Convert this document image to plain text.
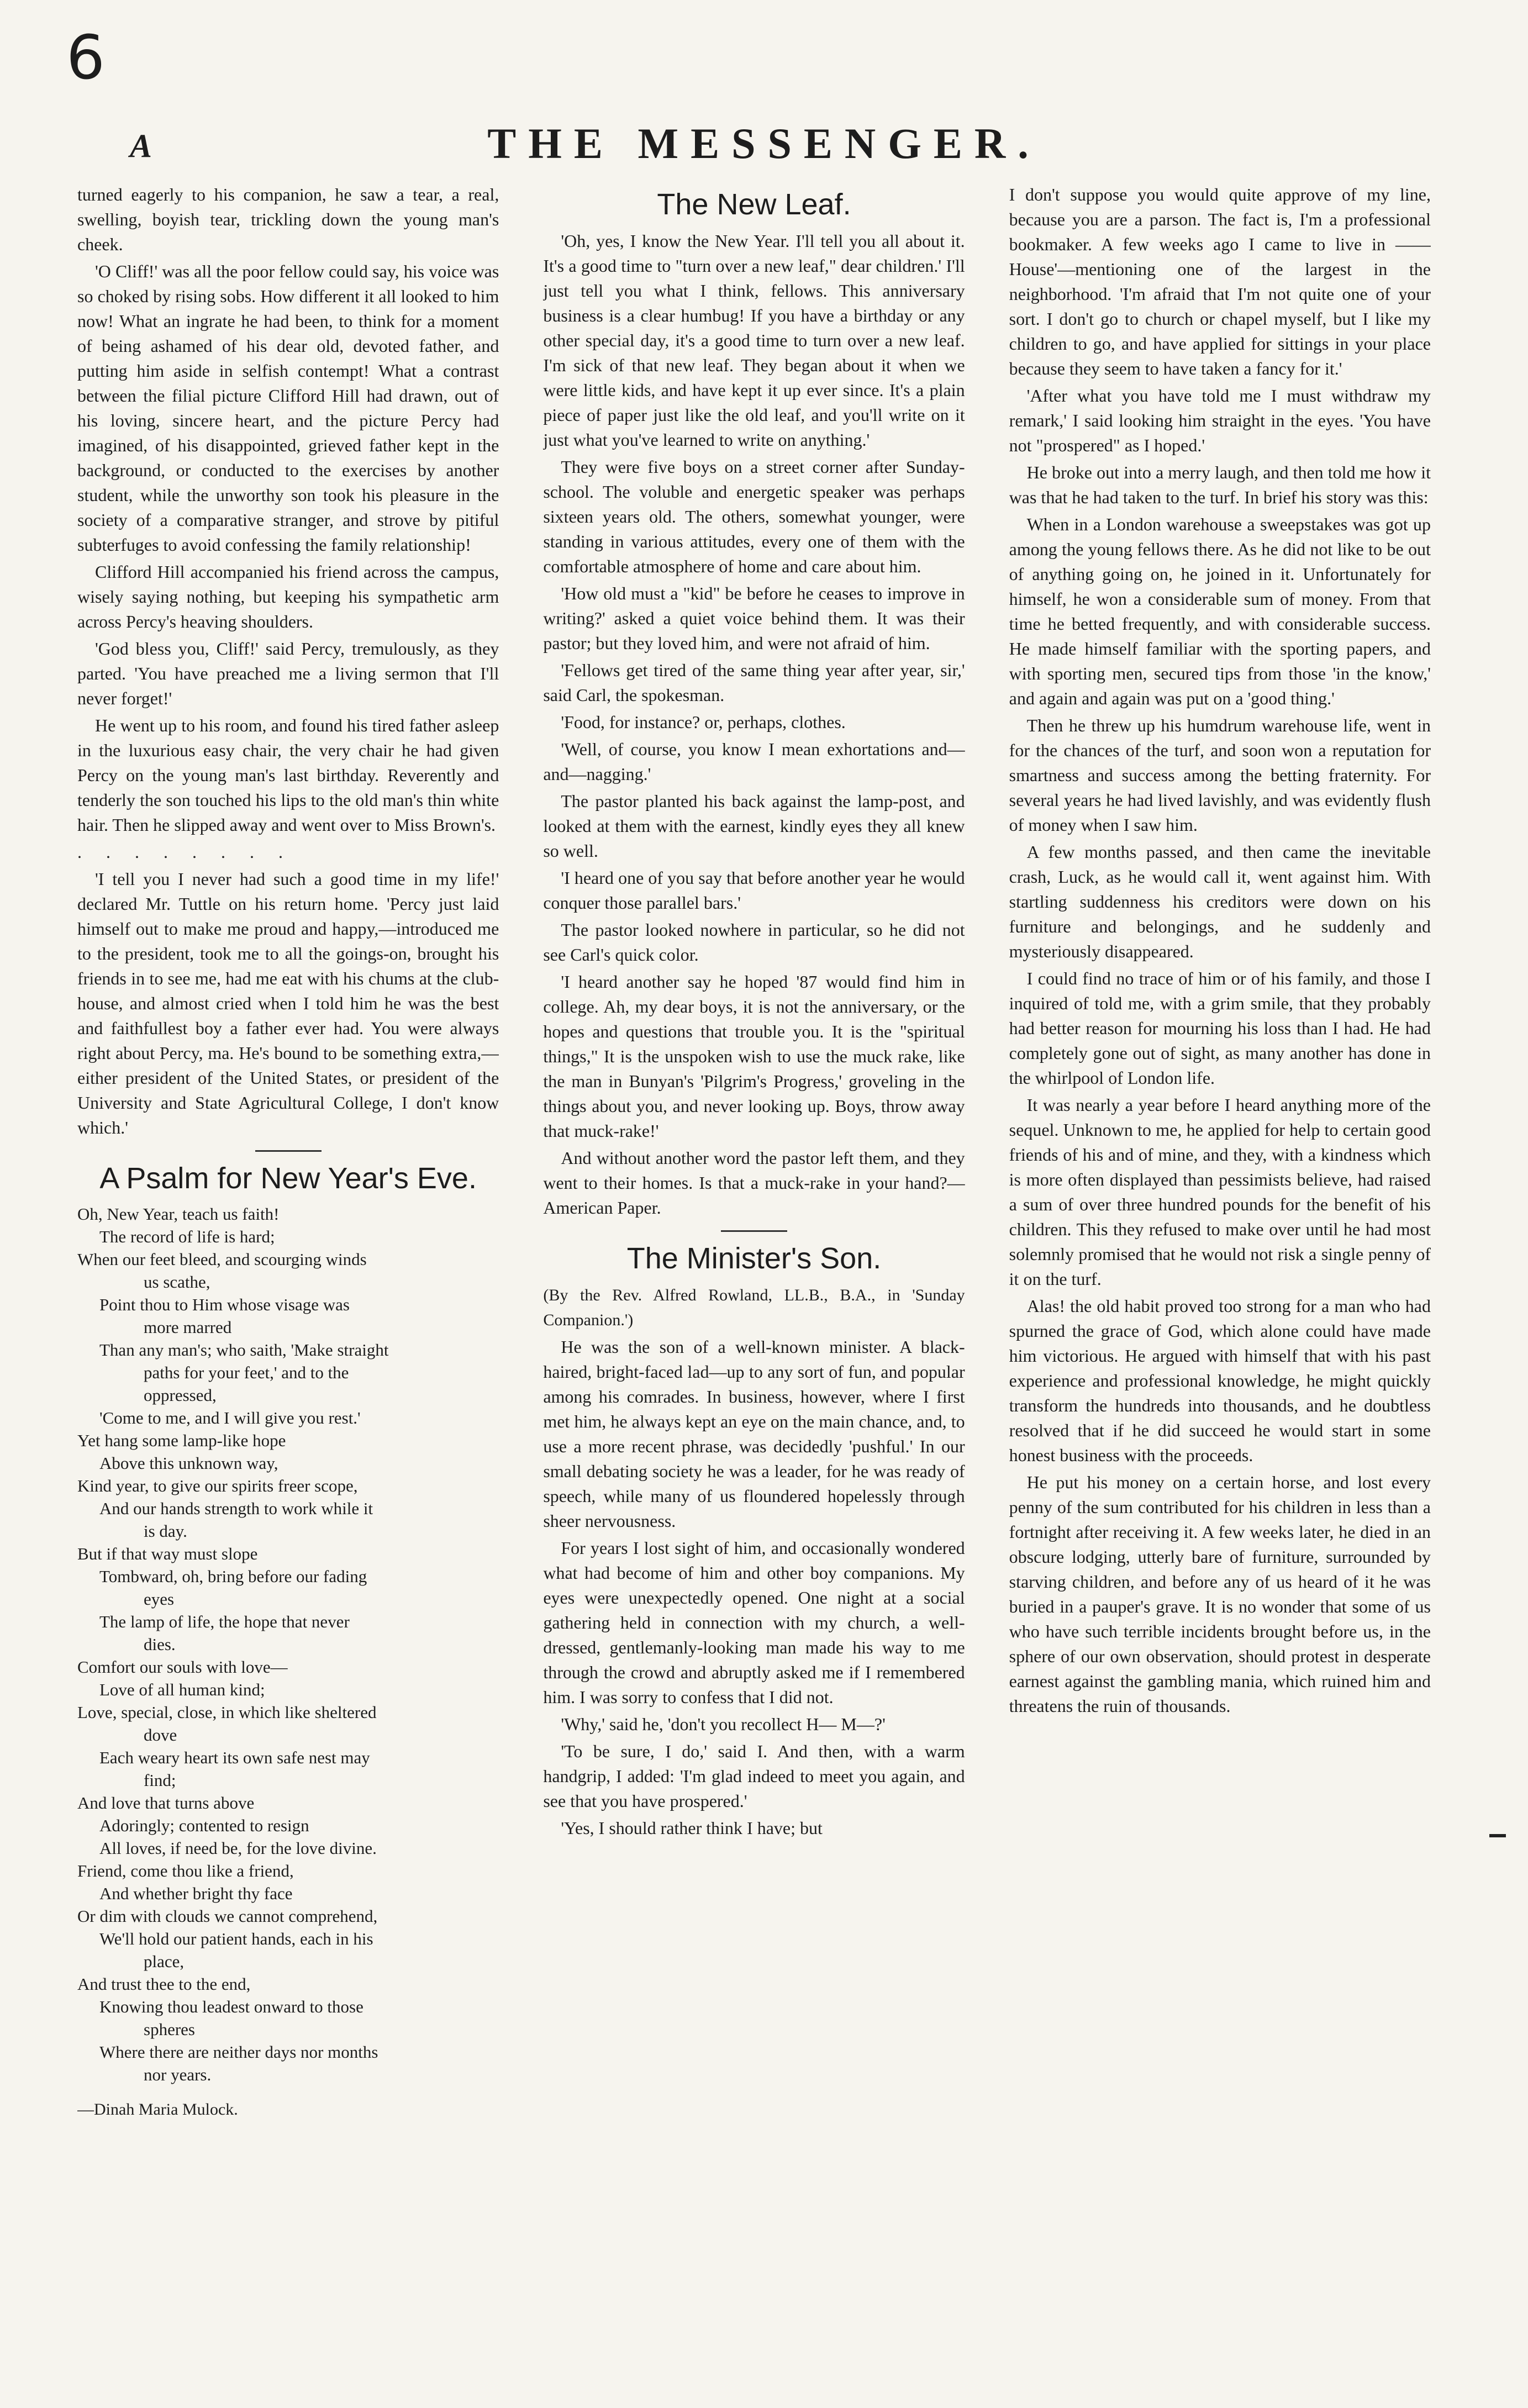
6
A	THE MESSENGER.

turned eagerly to his companion, he saw a tear, a real, swelling, boyish tear, trickling down the young man's cheek.

'O Cliff!' was all the poor fellow could say, his voice was so choked by rising sobs. How different it all looked to him now! What an ingrate he had been, to think for a moment of being ashamed of his dear old, devoted father, and putting him aside in selfish contempt! What a contrast between the filial picture Clifford Hill had drawn, out of his loving, sincere heart, and the picture Percy had imagined, of his disappointed, grieved father kept in the background, or conducted to the exercises by another student, while the unworthy son took his pleasure in the society of a comparative stranger, and strove by pitiful subterfuges to avoid confessing the family relationship!

Clifford Hill accompanied his friend across the campus, wisely saying nothing, but keeping his sympathetic arm across Percy's heaving shoulders.

'God bless you, Cliff!' said Percy, tremulously, as they parted. 'You have preached me a living sermon that I'll never forget!'

He went up to his room, and found his tired father asleep in the luxurious easy chair, the very chair he had given Percy on the young man's last birthday. Reverently and tenderly the son touched his lips to the old man's thin white hair. Then he slipped away and went over to Miss Brown's.

. . . . . . . .

'I tell you I never had such a good time in my life!' declared Mr. Tuttle on his return home. 'Percy just laid himself out to make me proud and happy,—introduced me to the president, took me to all the goings-on, brought his friends in to see me, had me eat with his chums at the club-house, and almost cried when I told him he was the best and faithfullest boy a father ever had. You were always right about Percy, ma. He's bound to be something extra,—either president of the United States, or president of the University and State Agricultural College, I don't know which.'

A Psalm for New Year's Eve.
Oh, New Year, teach us faith!
The record of life is hard;
When our feet bleed, and scourging winds
us scathe,
Point thou to Him whose visage was
more marred
Than any man's; who saith, 'Make straight
paths for your feet,' and to the
oppressed,
'Come to me, and I will give you rest.'
Yet hang some lamp-like hope
Above this unknown way,
Kind year, to give our spirits freer scope,
And our hands strength to work while it
is day.
But if that way must slope
Tombward, oh, bring before our fading
eyes
The lamp of life, the hope that never
dies.
Comfort our souls with love—
Love of all human kind;
Love, special, close, in which like sheltered
dove
Each weary heart its own safe nest may
find;
And love that turns above
Adoringly; contented to resign
All loves, if need be, for the love divine.
Friend, come thou like a friend,
And whether bright thy face
Or dim with clouds we cannot comprehend,
We'll hold our patient hands, each in his
place,
And trust thee to the end,
Knowing thou leadest onward to those
spheres
Where there are neither days nor months
nor years.
—Dinah Maria Mulock.
The New Leaf.

'Oh, yes, I know the New Year. I'll tell you all about it. It's a good time to "turn over a new leaf," dear children.' I'll just tell you what I think, fellows. This anniversary business is a clear humbug! If you have a birthday or any other special day, it's a good time to turn over a new leaf. I'm sick of that new leaf. They began about it when we were little kids, and have kept it up ever since. It's a plain piece of paper just like the old leaf, and you'll write on it just what you've learned to write on anything.'

They were five boys on a street corner after Sunday-school. The voluble and energetic speaker was perhaps sixteen years old. The others, somewhat younger, were standing in various attitudes, every one of them with the comfortable atmosphere of home and care about him.

'How old must a "kid" be before he ceases to improve in writing?' asked a quiet voice behind them. It was their pastor; but they loved him, and were not afraid of him.

'Fellows get tired of the same thing year after year, sir,' said Carl, the spokesman.

'Food, for instance? or, perhaps, clothes.

'Well, of course, you know I mean exhortations and—and—nagging.'

The pastor planted his back against the lamp-post, and looked at them with the earnest, kindly eyes they all knew so well.

'I heard one of you say that before another year he would conquer those parallel bars.'

The pastor looked nowhere in particular, so he did not see Carl's quick color.

'I heard another say he hoped '87 would find him in college. Ah, my dear boys, it is not the anniversary, or the hopes and questions that trouble you. It is the "spiritual things," It is the unspoken wish to use the muck rake, like the man in Bunyan's 'Pilgrim's Progress,' groveling in the things about you, and never looking up. Boys, throw away that muck-rake!'

And without another word the pastor left them, and they went to their homes. Is that a muck-rake in your hand?—American Paper.

The Minister's Son.

(By the Rev. Alfred Rowland, LL.B., B.A., in 'Sunday Companion.')

He was the son of a well-known minister. A black-haired, bright-faced lad—up to any sort of fun, and popular among his comrades. In business, however, where I first met him, he always kept an eye on the main chance, and, to use a more recent phrase, was decidedly 'pushful.' In our small debating society he was a leader, for he was ready of speech, while many of us floundered hopelessly through sheer nervousness.

For years I lost sight of him, and occasionally wondered what had become of him and other boy companions. My eyes were unexpectedly opened. One night at a social gathering held in connection with my church, a well-dressed, gentlemanly-looking man made his way to me through the crowd and abruptly asked me if I remembered him. I was sorry to confess that I did not.

'Why,' said he, 'don't you recollect H— M—?'

'To be sure, I do,' said I. And then, with a warm handgrip, I added: 'I'm glad indeed to meet you again, and see that you have prospered.'

'Yes, I should rather think I have; but

I don't suppose you would quite approve of my line, because you are a parson. The fact is, I'm a professional bookmaker. A few weeks ago I came to live in —— House'—mentioning one of the largest in the neighborhood. 'I'm afraid that I'm not quite one of your sort. I don't go to church or chapel myself, but I like my children to go, and have applied for sittings in your place because they seem to have taken a fancy for it.'

'After what you have told me I must withdraw my remark,' I said looking him straight in the eyes. 'You have not "prospered" as I hoped.'

He broke out into a merry laugh, and then told me how it was that he had taken to the turf. In brief his story was this:

When in a London warehouse a sweepstakes was got up among the young fellows there. As he did not like to be out of anything going on, he joined in it. Unfortunately for himself, he won a considerable sum of money. From that time he betted frequently, and with considerable success. He made himself familiar with the sporting papers, and with sporting men, secured tips from those 'in the know,' and again and again was put on a 'good thing.'

Then he threw up his humdrum warehouse life, went in for the chances of the turf, and soon won a reputation for smartness and success among the betting fraternity. For several years he had lived lavishly, and was evidently flush of money when I saw him.

A few months passed, and then came the inevitable crash, Luck, as he would call it, went against him. With startling suddenness his creditors were down on his furniture and belongings, and he suddenly and mysteriously disappeared.

I could find no trace of him or of his family, and those I inquired of told me, with a grim smile, that they probably had better reason for mourning his loss than I had. He had completely gone out of sight, as many another has done in the whirlpool of London life.

It was nearly a year before I heard anything more of the sequel. Unknown to me, he applied for help to certain good friends of his and of mine, and they, with a kindness which is more often displayed than pessimists believe, had raised a sum of over three hundred pounds for the benefit of his children. This they refused to make over until he had most solemnly promised that he would not risk a single penny of it on the turf.

Alas! the old habit proved too strong for a man who had spurned the grace of God, which alone could have made him victorious. He argued with himself that with his past experience and professional knowledge, he might quickly transform the hundreds into thousands, and he doubtless resolved that if he did succeed he would start in some honest business with the proceeds.

He put his money on a certain horse, and lost every penny of the sum contributed for his children in less than a fortnight after receiving it. A few weeks later, he died in an obscure lodging, utterly bare of furniture, surrounded by starving children, and before any of us heard of it he was buried in a pauper's grave. It is no wonder that some of us who have such terrible incidents brought before us, in the sphere of our own observation, should protest in desperate earnest against the gambling mania, which ruined him and threatens the ruin of thousands.
